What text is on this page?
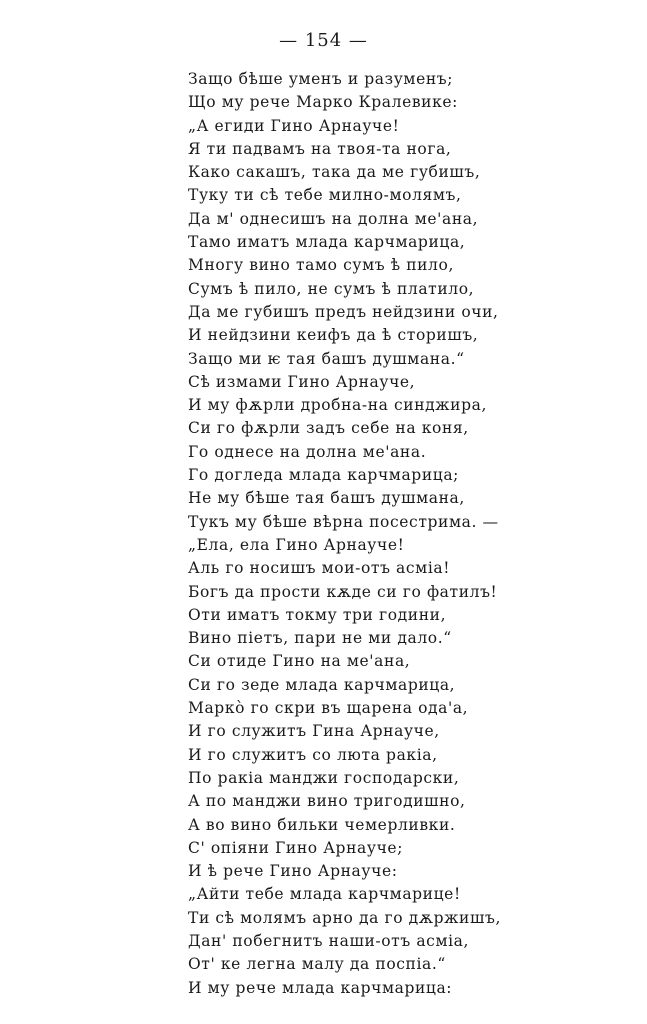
— 154 —
Защо бѣше уменъ и разуменъ;
Що му рече Марко Кралевике:
„А егиди Гино Арнауче!
Я ти падвамъ на твоя-та нога,
Како сакашъ, така да ме губишъ,
Туку ти сѣ тебе милно-молямъ,
Да м' однесишъ на долна ме'ана,
Тамо иматъ млада карчмарица,
Многу вино тамо сумъ ѣ пило,
Сумъ ѣ пило, не сумъ ѣ платило,
Да ме губишъ предъ нейдзини очи,
И нейдзини кеифъ да ѣ сторишъ,
Защо ми ѥ тая башъ душмана.“
Сѣ измами Гино Арнауче,
И му фѫрли дробна-на синджира,
Си го фѫрли задъ себе на коня,
Го однесе на долна ме'ана.
Го доглeда млада карчмарица;
Не му бѣше тая башъ душмана,
Тукъ му бѣше вѣрна посестрима. —
„Ела, ела Гино Арнауче!
Аль го носишъ мои-отъ асміа!
Богъ да прости кѫде си го фатилъ!
Оти иматъ токму три години,
Вино піетъ, пари не ми дало.“
Си отиде Гино на ме'ана,
Си го зеде млада карчмарица,
Маркò го скри въ щарена ода'а,
И го служитъ Гина Арнауче,
И го служитъ со люта ракіа,
По ракіа манджи господарски,
А по манджи вино тригодишно,
А во вино бильки чемерливки.
С' опіяни Гино Арнауче;
И ѣ рече Гино Арнауче:
„Айти тебе млада карчмарице!
Ти сѣ молямъ арно да го дѫржишъ,
Дан' побегнитъ наши-отъ асміа,
От' ке легна малу да поспіа.“
И му рече млада карчмарица:
